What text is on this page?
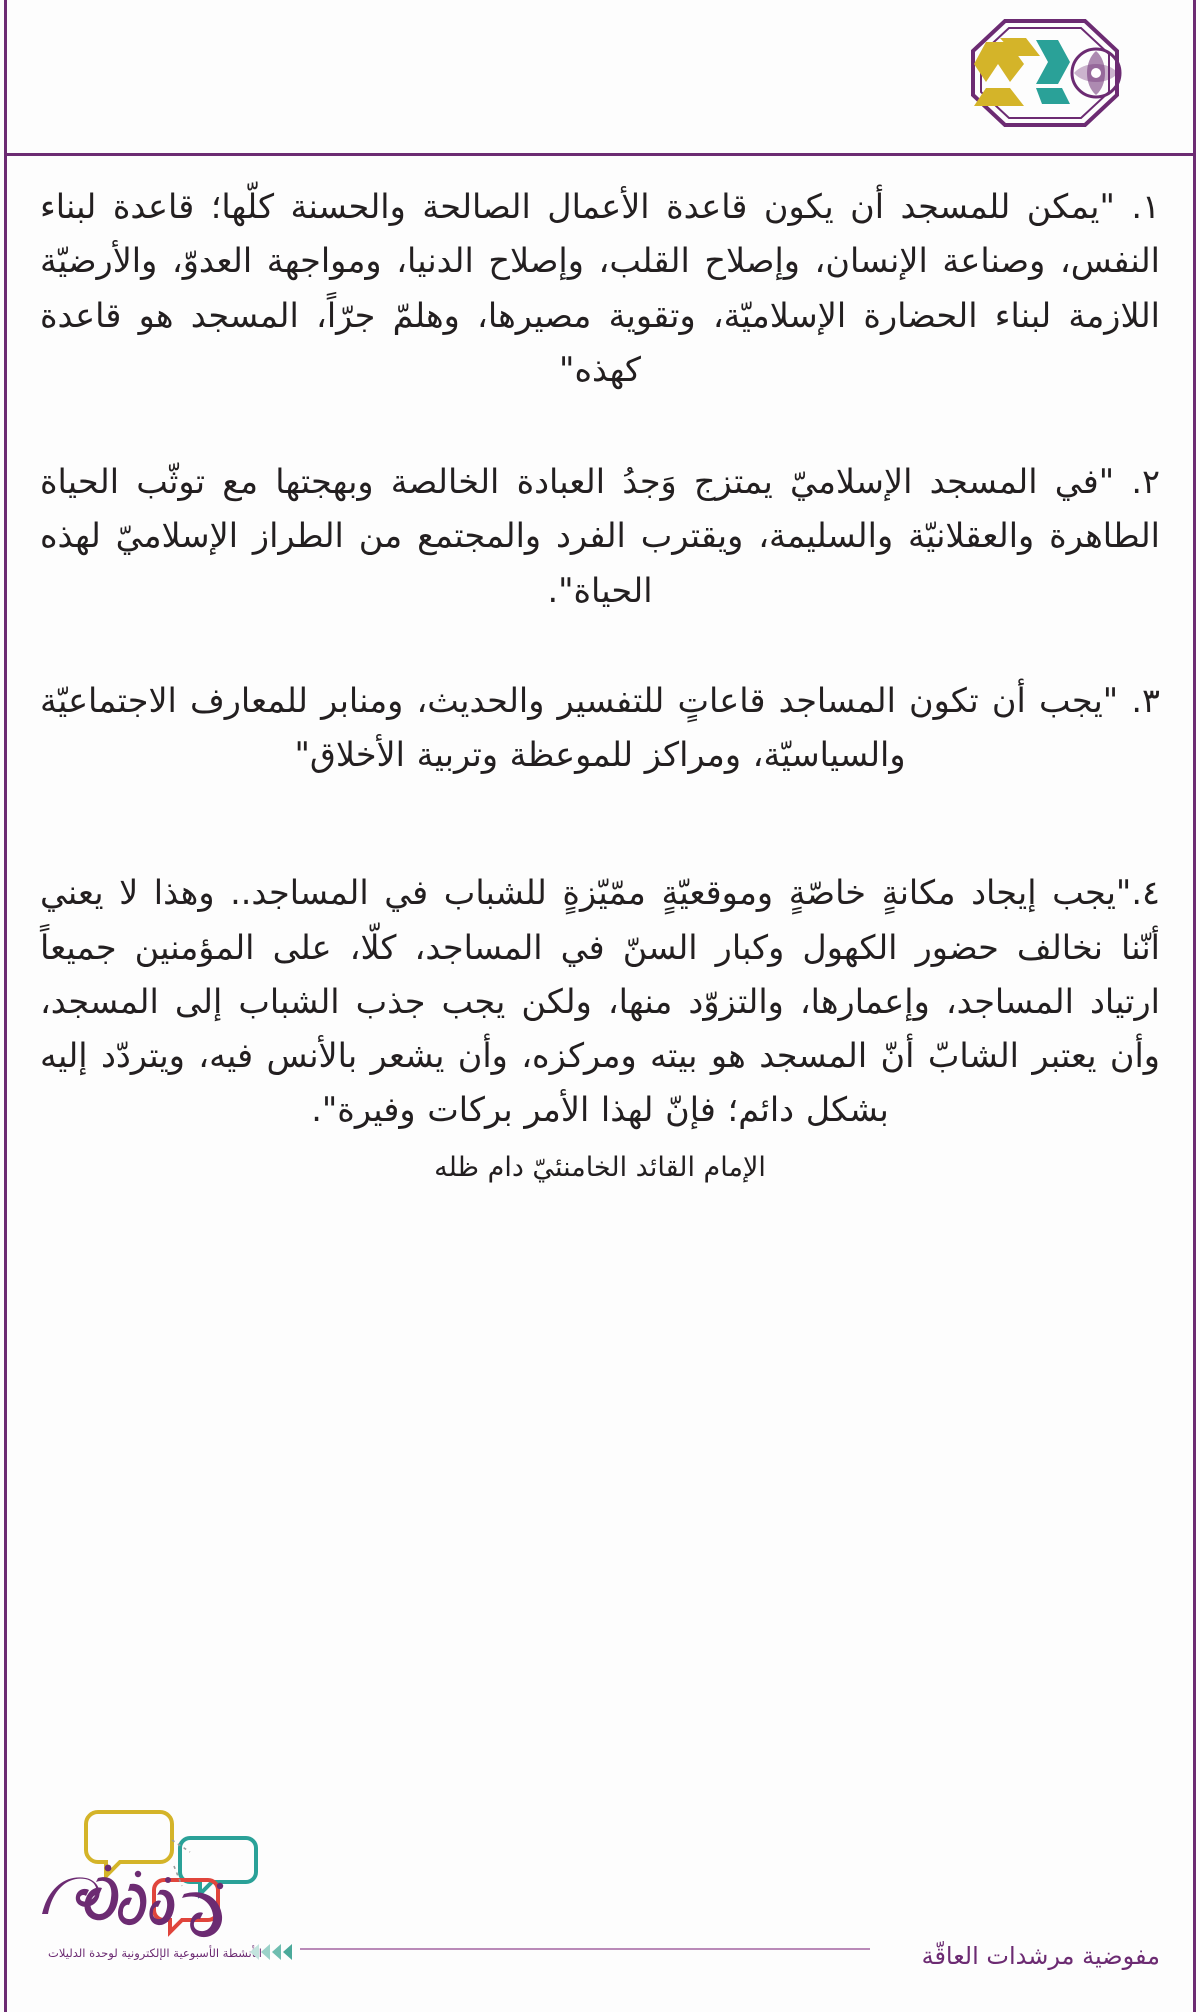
١. "يمكن للمسجد أن يكون قاعدة الأعمال الصالحة والحسنة كلّها؛ قاعدة لبناء النفس، وصناعة الإنسان، وإصلاح القلب، وإصلاح الدنيا، ومواجهة العدوّ، والأرضيّة اللازمة لبناء الحضارة الإسلاميّة، وتقوية مصيرها، وهلمّ جرّاً، المسجد هو قاعدة كهذه"

٢. "في المسجد الإسلاميّ يمتزج وَجدُ العبادة الخالصة وبهجتها مع توثّب الحياة الطاهرة والعقلانيّة والسليمة، ويقترب الفرد والمجتمع من الطراز الإسلاميّ لهذه الحياة".

٣. "يجب أن تكون المساجد قاعاتٍ للتفسير والحديث، ومنابر للمعارف الاجتماعيّة والسياسيّة، ومراكز للموعظة وتربية الأخلاق"

٤."يجب إيجاد مكانةٍ خاصّةٍ وموقعيّةٍ ممّيّزةٍ للشباب في المساجد.. وهذا لا يعني أنّنا نخالف حضور الكهول وكبار السنّ في المساجد، كلّا، على المؤمنين جميعاً ارتياد المساجد، وإعمارها، والتزوّد منها، ولكن يجب جذب الشباب إلى المسجد، وأن يعتبر الشابّ أنّ المسجد هو بيته ومركزه، وأن يشعر بالأنس فيه، ويتردّد إليه بشكل دائم؛ فإنّ لهذا الأمر بركات وفيرة".

الإمام القائد الخامنئيّ دام ظله
الأنشطة الأسبوعية الإلكترونية لوحدة الدليلات	مفوضية مرشدات العاقّة
